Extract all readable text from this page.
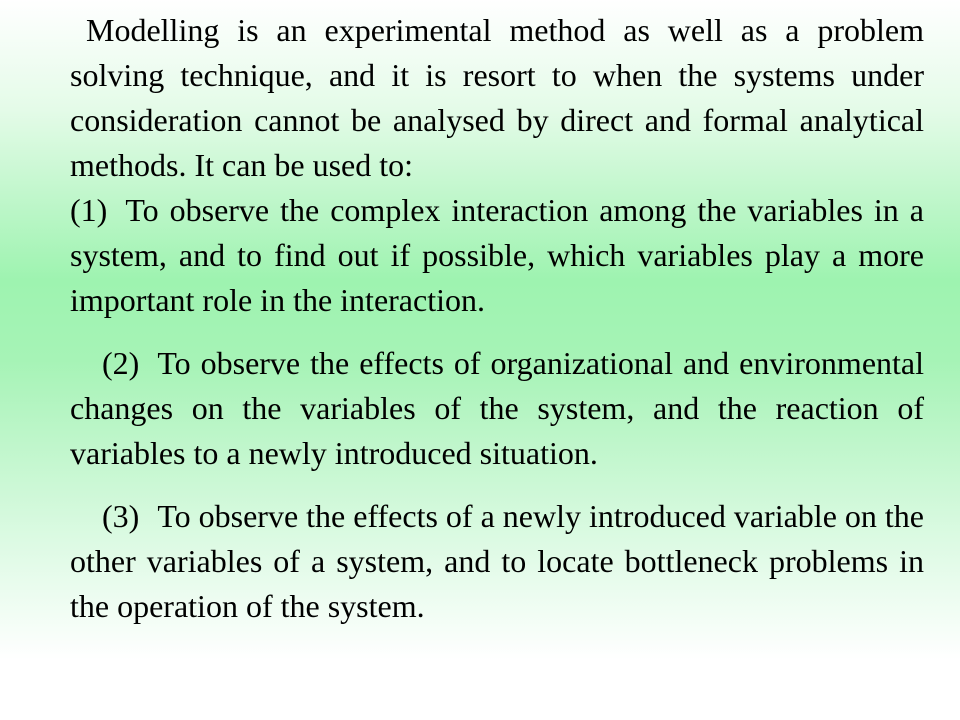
Modelling is an experimental method as well as a problem solving technique, and it is resort to when the systems under consideration cannot be analysed by direct and formal analytical methods. It can be used to:

(1) To observe the complex interaction among the variables in a system, and to find out if possible, which variables play a more important role in the interaction.

(2) To observe the effects of organizational and environmental changes on the variables of the system, and the reaction of variables to a newly introduced situation.

(3) To observe the effects of a newly introduced variable on the other variables of a system, and to locate bottleneck problems in the operation of the system.
